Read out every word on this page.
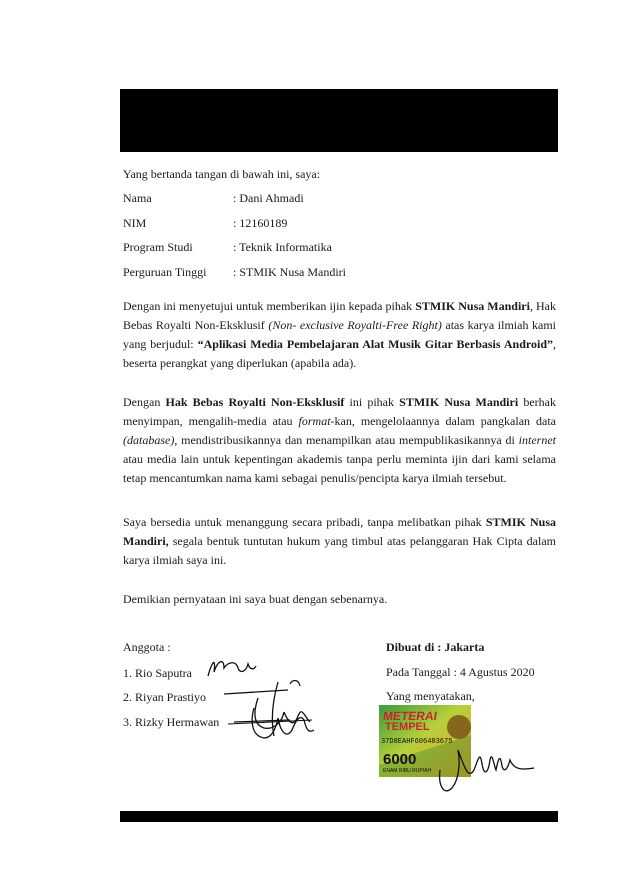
Yang bertanda tangan di bawah ini, saya:
Nama	: Dani Ahmadi
NIM	: 12160189
Program Studi	: Teknik Informatika
Perguruan Tinggi : STMIK Nusa Mandiri
Dengan ini menyetujui untuk memberikan ijin kepada pihak STMIK Nusa Mandiri, Hak Bebas Royalti Non-Eksklusif (Non- exclusive Royalti-Free Right) atas karya ilmiah kami yang berjudul: “Aplikasi Media Pembelajaran Alat Musik Gitar Berbasis Android”, beserta perangkat yang diperlukan (apabila ada).
Dengan Hak Bebas Royalti Non-Eksklusif ini pihak STMIK Nusa Mandiri berhak menyimpan, mengalih-media atau format-kan, mengelolaannya dalam pangkalan data (database), mendistribusikannya dan menampilkan atau mempublikasikannya di internet atau media lain untuk kepentingan akademis tanpa perlu meminta ijin dari kami selama tetap mencantumkan nama kami sebagai penulis/pencipta karya ilmiah tersebut.
Saya bersedia untuk menanggung secara pribadi, tanpa melibatkan pihak STMIK Nusa Mandiri, segala bentuk tuntutan hukum yang timbul atas pelanggaran Hak Cipta dalam karya ilmiah saya ini.
Demikian pernyataan ini saya buat dengan sebenarnya.
Anggota :
1. Rio Saputra
2. Riyan Prastiyo
3. Rizky Hermawan
Dibuat di : Jakarta
Pada Tanggal : 4 Agustus 2020
Yang menyatakan,
METERAI
TEMPEL
37D8EAHF606483675
6000
ENAM RIBU RUPIAH
